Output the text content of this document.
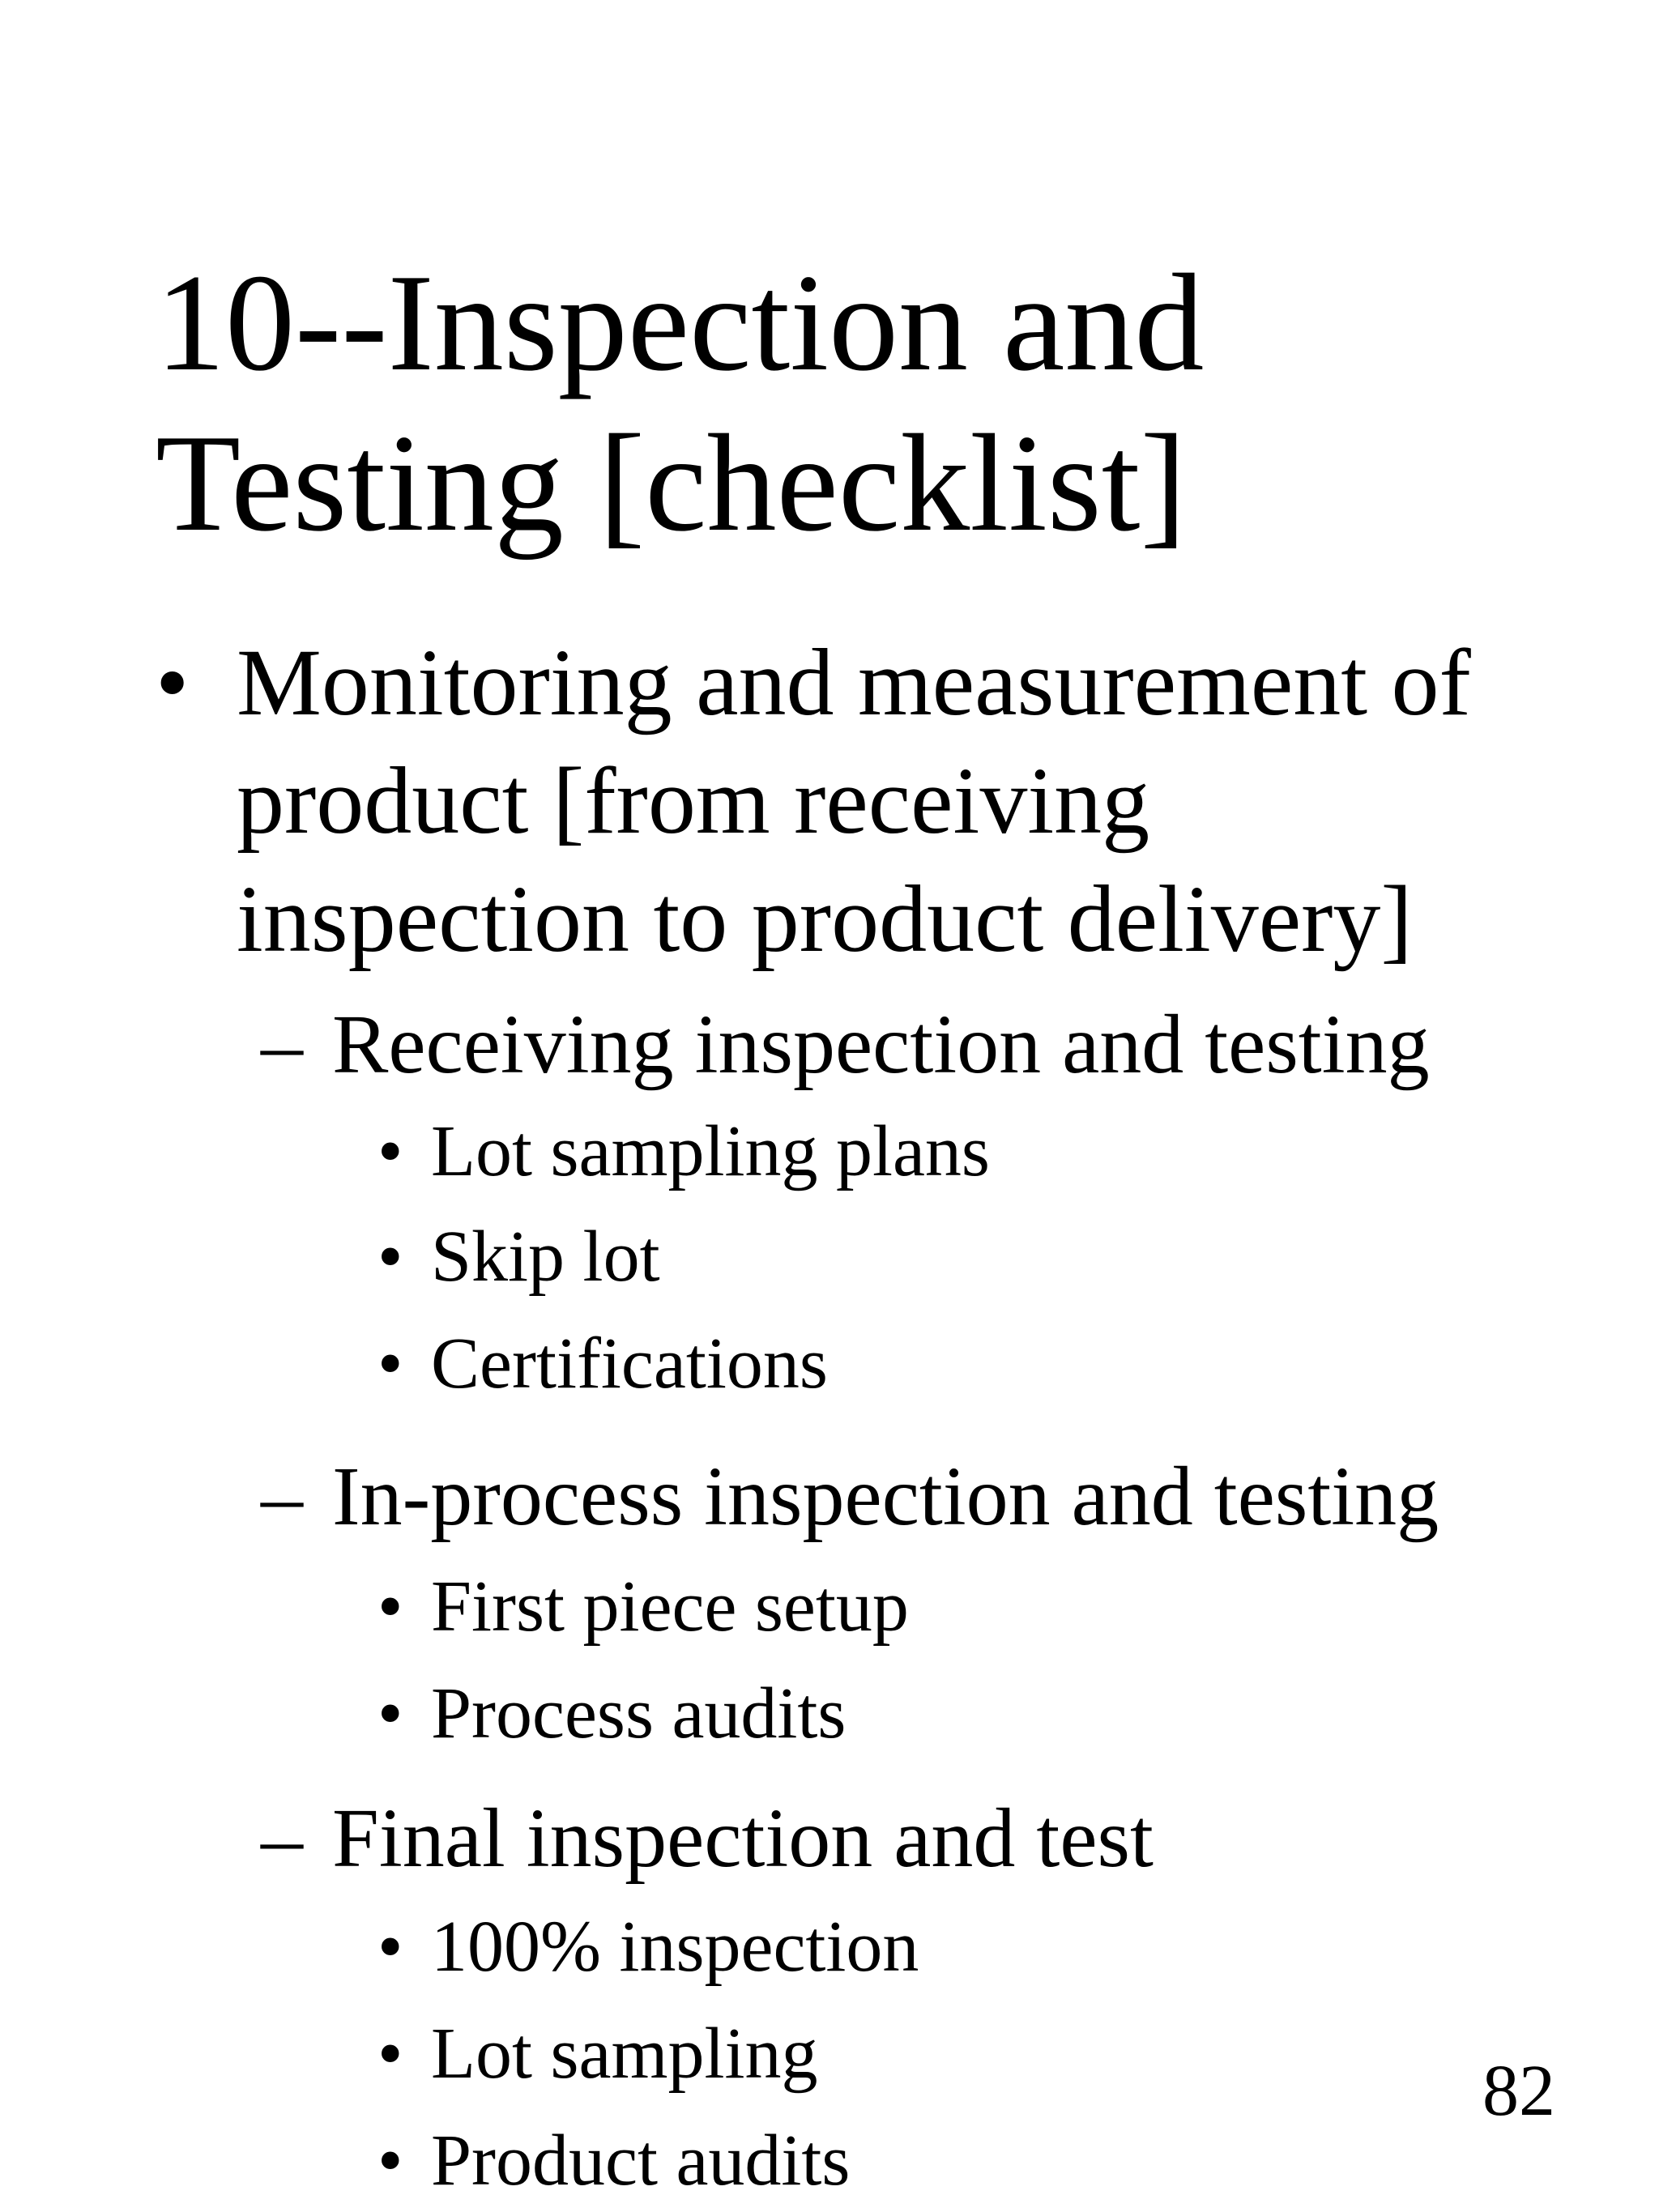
10--Inspection and
Testing [checklist]
• Monitoring and measurement of
product [from receiving
inspection to product delivery]
– Receiving inspection and testing
• Lot sampling plans
• Skip lot
• Certifications
– In-process inspection and testing
• First piece setup
• Process audits
– Final inspection and test
• 100% inspection
• Lot sampling
• Product audits
82
